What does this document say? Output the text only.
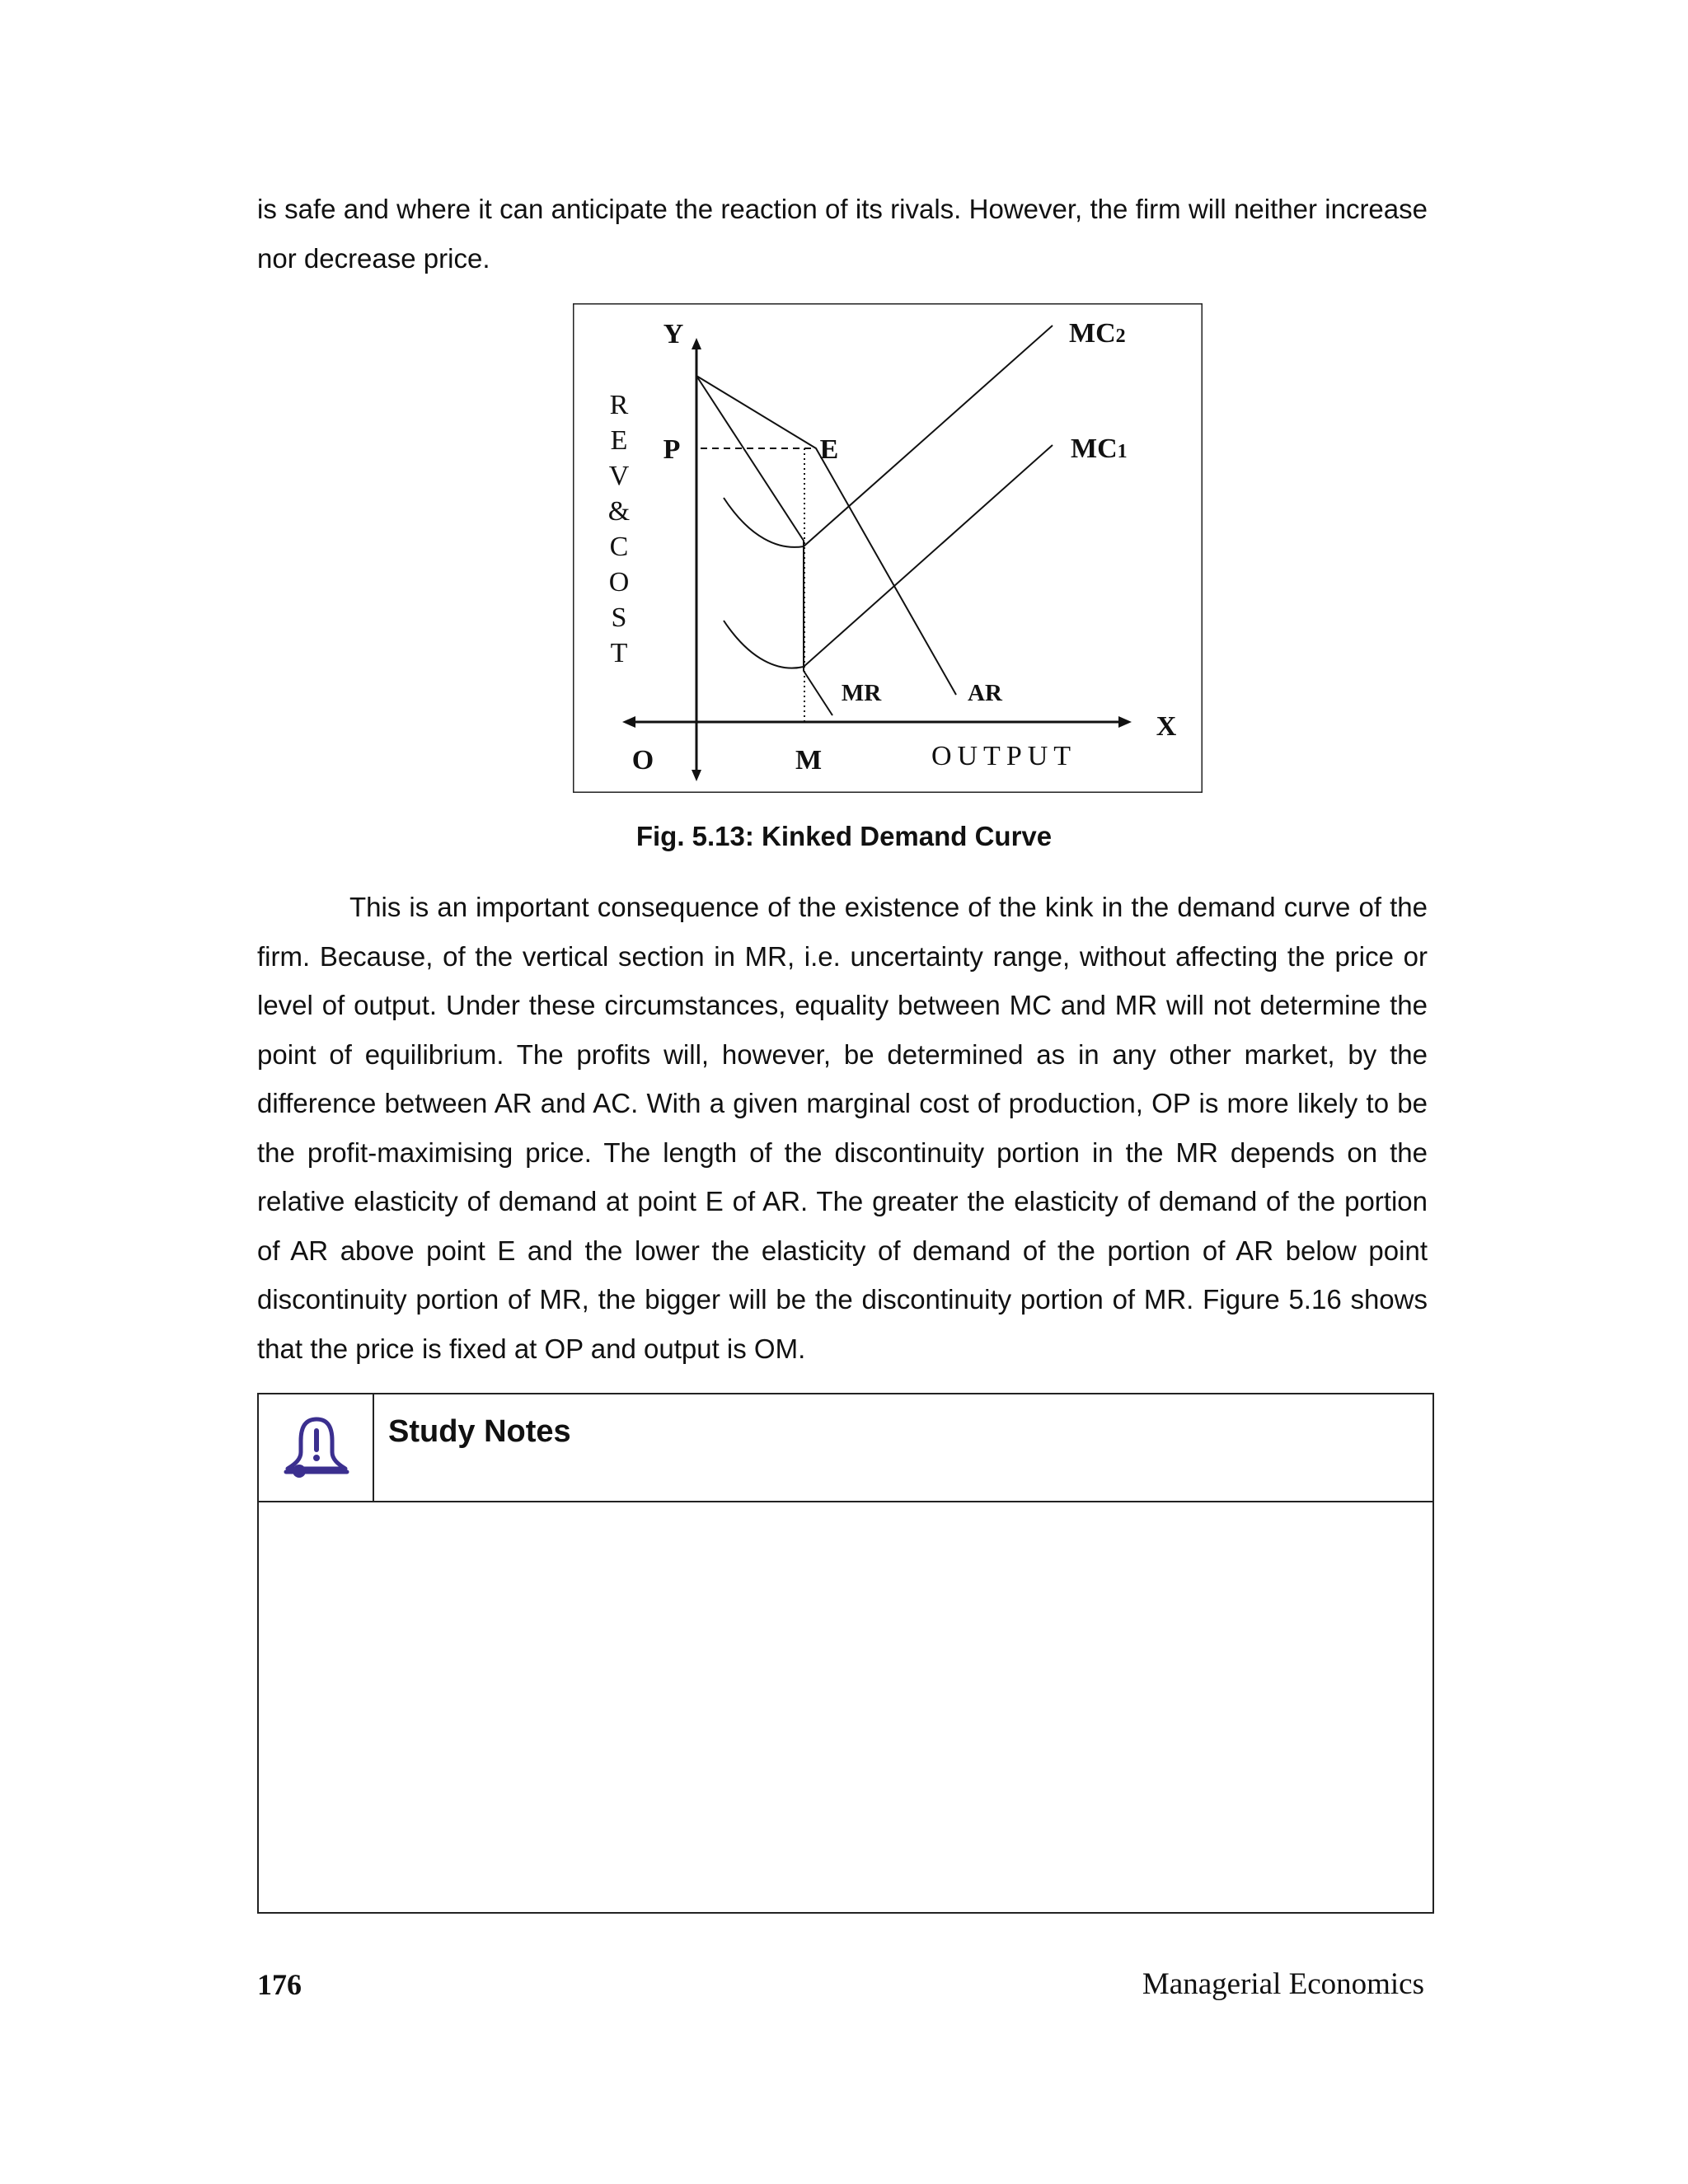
is safe and where it can anticipate the reaction of its rivals. However, the firm will neither increase nor decrease price.

R
E
V
&
C
O
S
T
Y
P	E
O	M
X
OUTPUT
MC2
MC1
MR	AR

Fig. 5.13: Kinked Demand Curve

This is an important consequence of the existence of the kink in the demand curve of the firm. Because, of the vertical section in MR, i.e. uncertainty range, without affecting the price or level of output. Under these circumstances, equality between MC and MR will not determine the point of equilibrium. The profits will, however, be determined as in any other market, by the difference between AR and AC. With a given marginal cost of production, OP is more likely to be the profit-maximising price. The length of the discontinuity portion in the MR depends on the relative elasticity of demand at point E of AR. The greater the elasticity of demand of the portion of AR above point E and the lower the elasticity of demand of the portion of AR below point discontinuity portion of MR, the bigger will be the discontinuity portion of MR. Figure 5.16 shows that the price is fixed at OP and output is OM.

Study Notes
176	Managerial Economics
